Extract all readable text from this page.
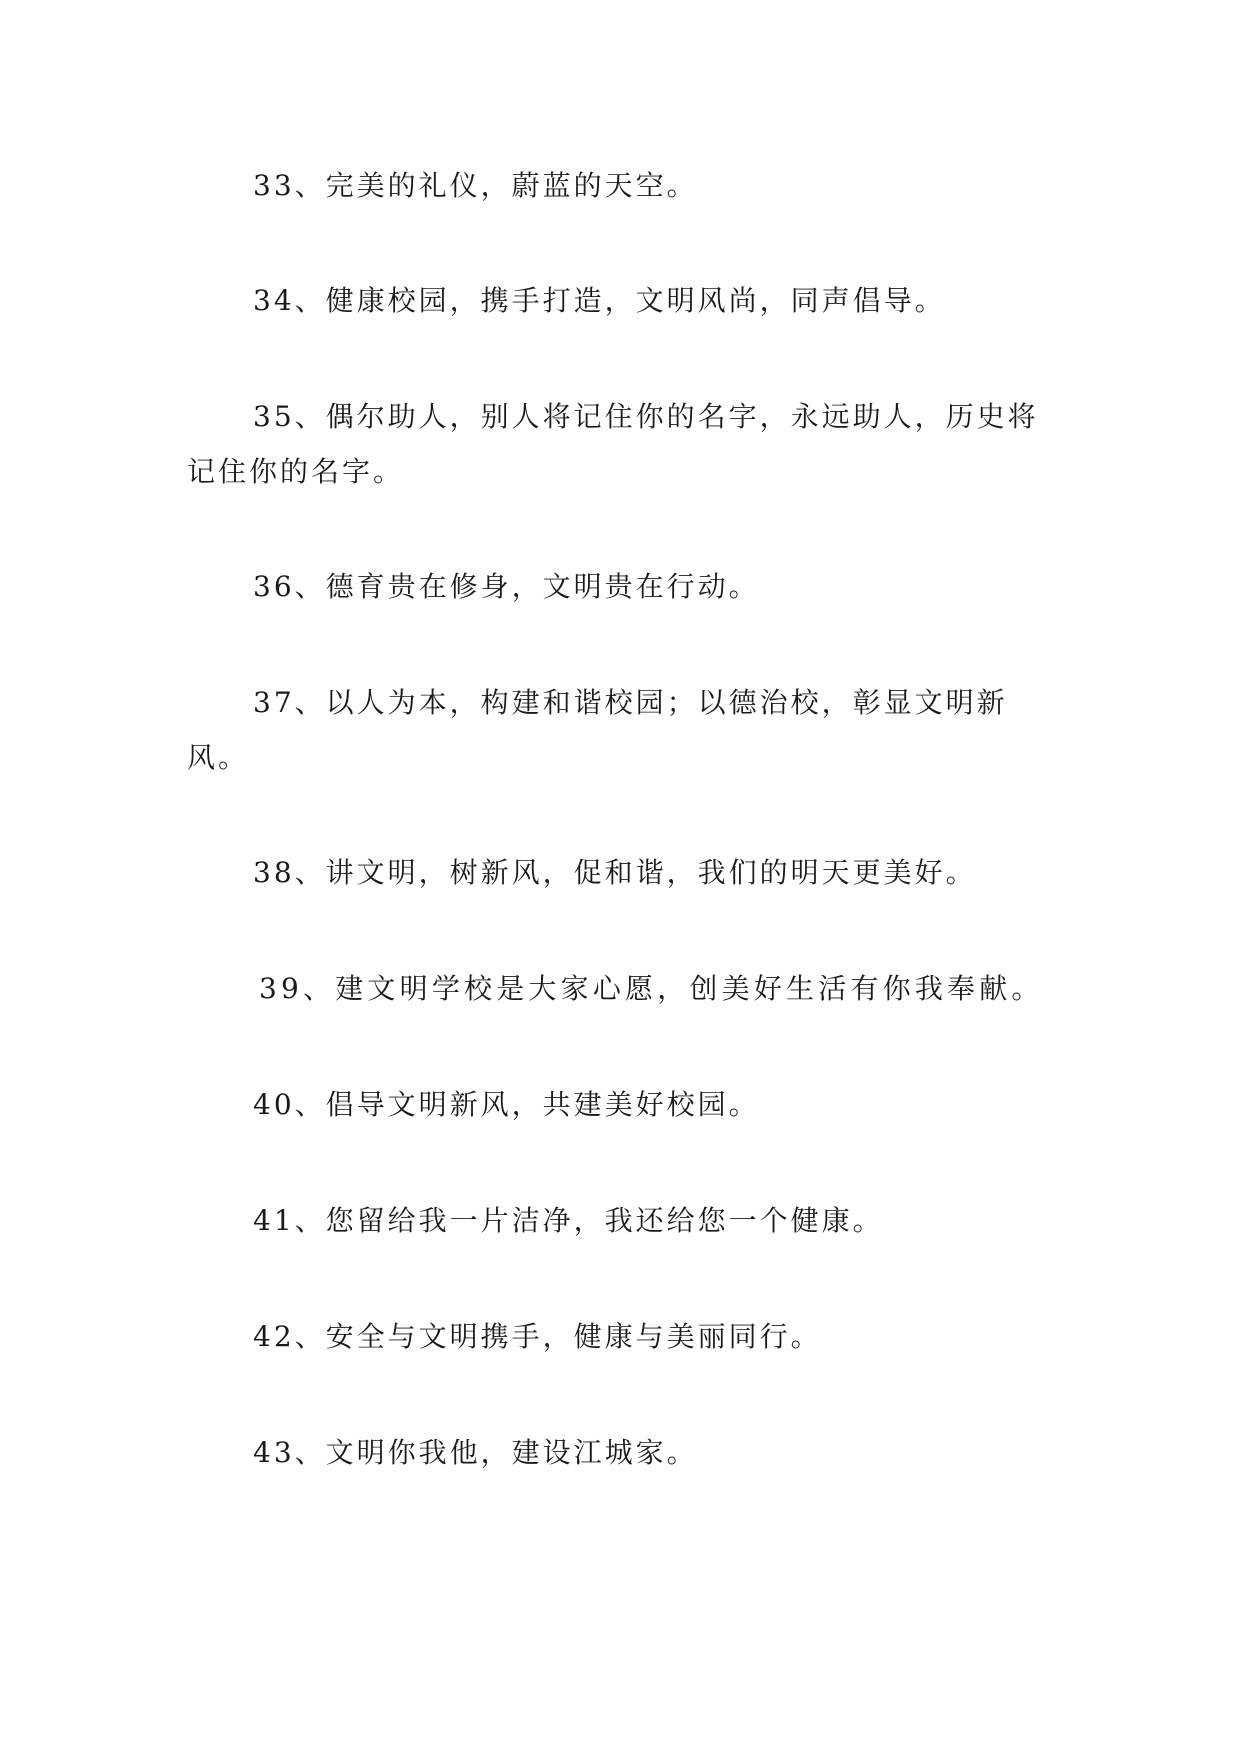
33、完美的礼仪，蔚蓝的天空。

34、健康校园，携手打造，文明风尚，同声倡导。

35、偶尔助人，别人将记住你的名字，永远助人，历史将记住你的名字。

36、德育贵在修身，文明贵在行动。

37、以人为本，构建和谐校园；以德治校，彰显文明新风。

38、讲文明，树新风，促和谐，我们的明天更美好。

39、建文明学校是大家心愿，创美好生活有你我奉献。

40、倡导文明新风，共建美好校园。

41、您留给我一片洁净，我还给您一个健康。

42、安全与文明携手，健康与美丽同行。

43、文明你我他，建设江城家。
